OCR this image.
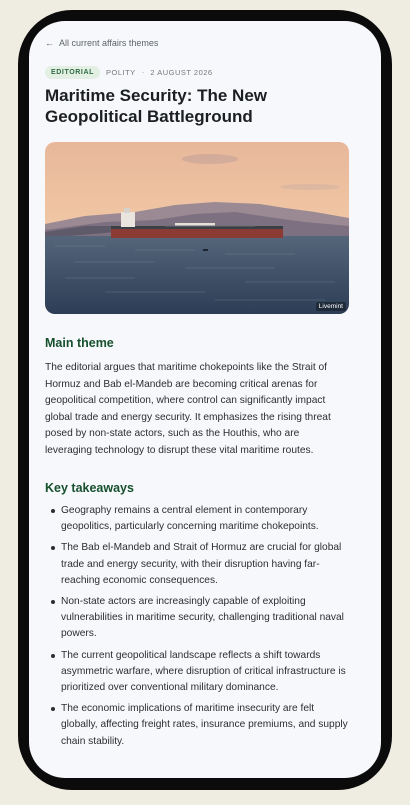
← All current affairs themes
EDITORIAL	POLITY · 2 AUGUST 2026
Maritime Security: The New Geopolitical Battleground
Livemint
Main theme

The editorial argues that maritime chokepoints like the Strait of Hormuz and Bab el-Mandeb are becoming critical arenas for geopolitical competition, where control can significantly impact global trade and energy security. It emphasizes the rising threat posed by non-state actors, such as the Houthis, who are leveraging technology to disrupt these vital maritime routes.

Key takeaways
Geography remains a central element in contemporary geopolitics, particularly concerning maritime chokepoints.
The Bab el-Mandeb and Strait of Hormuz are crucial for global trade and energy security, with their disruption having far-reaching economic consequences.
Non-state actors are increasingly capable of exploiting vulnerabilities in maritime security, challenging traditional naval powers.
The current geopolitical landscape reflects a shift towards asymmetric warfare, where disruption of critical infrastructure is prioritized over conventional military dominance.
The economic implications of maritime insecurity are felt globally, affecting freight rates, insurance premiums, and supply chain stability.
